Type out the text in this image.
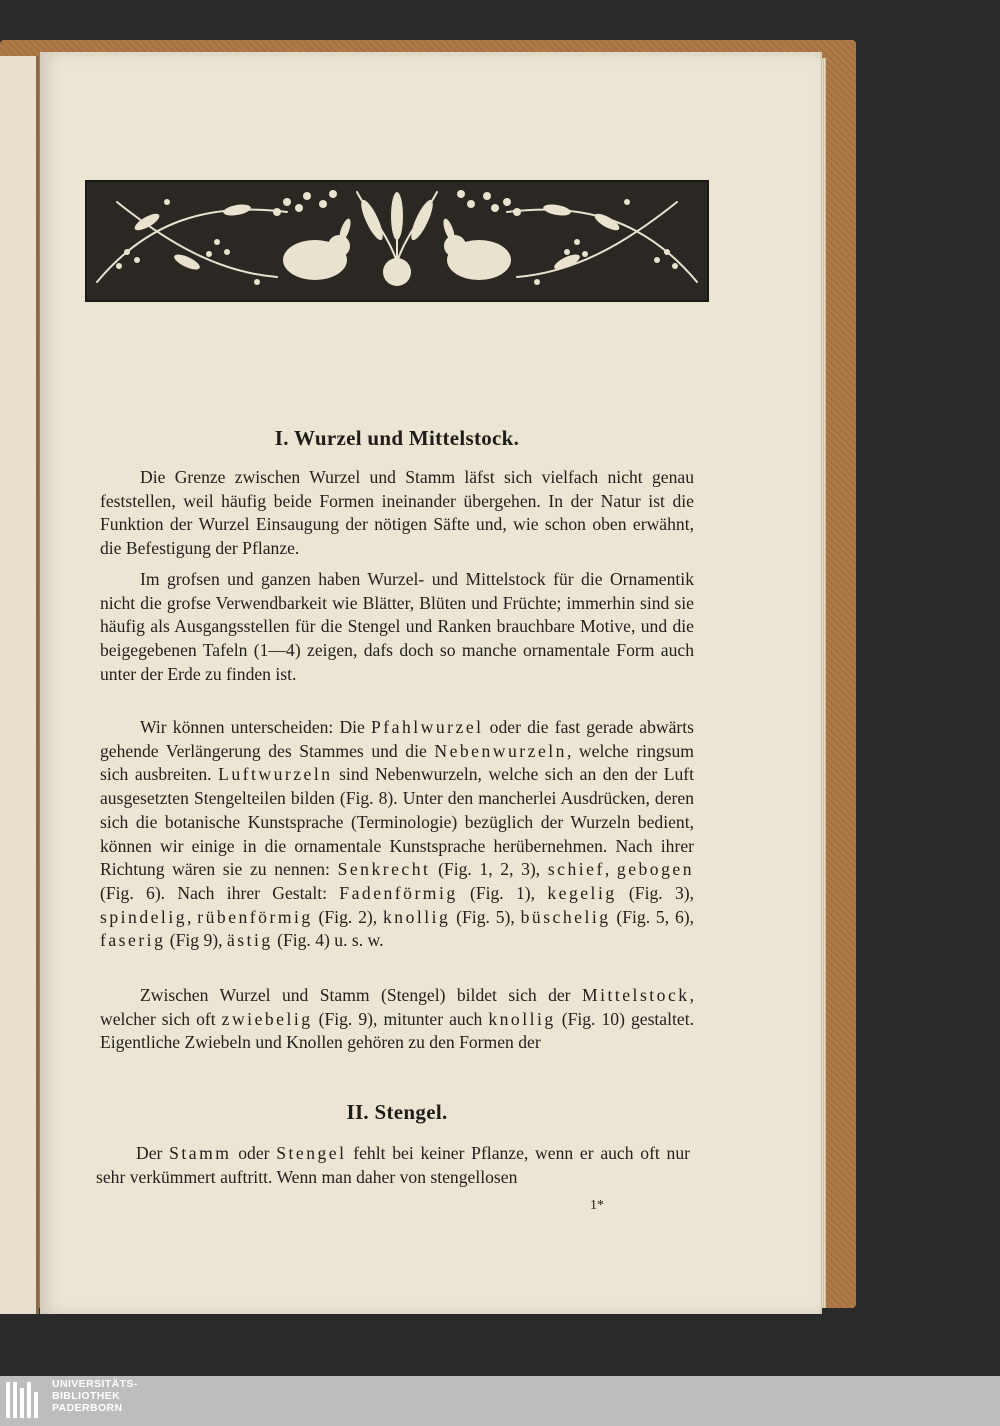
I. Wurzel und Mittelstock.

Die Grenze zwischen Wurzel und Stamm läfst sich vielfach nicht genau feststellen, weil häufig beide Formen ineinander übergehen. In der Natur ist die Funktion der Wurzel Einsaugung der nötigen Säfte und, wie schon oben erwähnt, die Befestigung der Pflanze.

Im grofsen und ganzen haben Wurzel- und Mittelstock für die Ornamentik nicht die grofse Verwendbarkeit wie Blätter, Blüten und Früchte; immerhin sind sie häufig als Ausgangsstellen für die Stengel und Ranken brauchbare Motive, und die beigegebenen Tafeln (1—4) zeigen, dafs doch so manche ornamentale Form auch unter der Erde zu finden ist.

Wir können unterscheiden: Die Pfahlwurzel oder die fast gerade abwärts gehende Verlängerung des Stammes und die Nebenwurzeln, welche ringsum sich ausbreiten. Luftwurzeln sind Nebenwurzeln, welche sich an den der Luft ausgesetzten Stengelteilen bilden (Fig. 8). Unter den mancherlei Ausdrücken, deren sich die botanische Kunstsprache (Terminologie) bezüglich der Wurzeln bedient, können wir einige in die ornamentale Kunstsprache herübernehmen. Nach ihrer Richtung wären sie zu nennen: Senkrecht (Fig. 1, 2, 3), schief, gebogen (Fig. 6). Nach ihrer Gestalt: Fadenförmig (Fig. 1), kegelig (Fig. 3), spindelig, rübenförmig (Fig. 2), knollig (Fig. 5), büschelig (Fig. 5, 6), faserig (Fig 9), ästig (Fig. 4) u. s. w.

Zwischen Wurzel und Stamm (Stengel) bildet sich der Mittelstock, welcher sich oft zwiebelig (Fig. 9), mitunter auch knollig (Fig. 10) gestaltet. Eigentliche Zwiebeln und Knollen gehören zu den Formen der

II. Stengel.

Der Stamm oder Stengel fehlt bei keiner Pflanze, wenn er auch oft nur sehr verkümmert auftritt. Wenn man daher von stengellosen

1*

UNIVERSITÄTS-
BIBLIOTHEK
PADERBORN
